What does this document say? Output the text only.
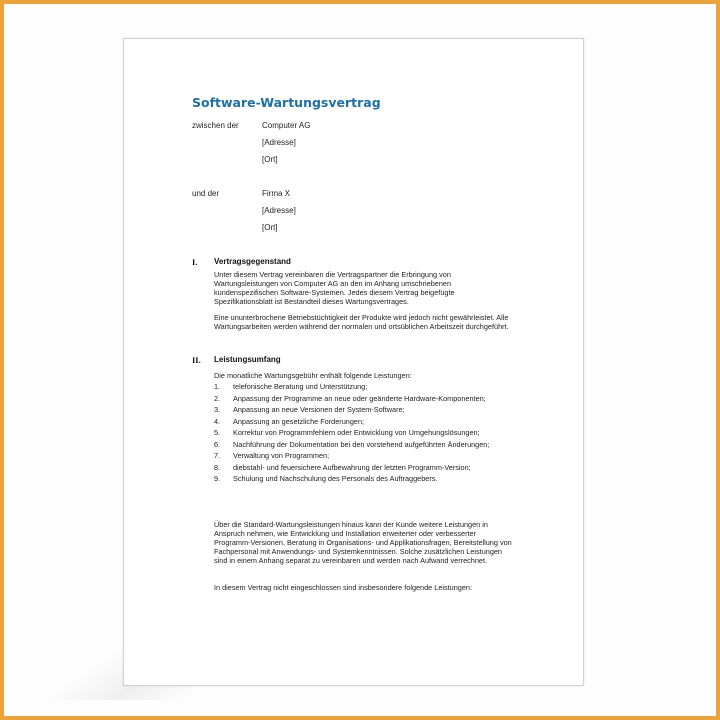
Software-Wartungsvertrag
zwischen der	Computer AG
[Adresse]
[Ort]
und der	Firma X
[Adresse]
[Ort]
I. Vertragsgegenstand

Unter diesem Vertrag vereinbaren die Vertragspartner die Erbringung von Wartungsleistungen von Computer AG an den im Anhang umschriebenen kundenspezifischen Software-Systemen. Jedes diesem Vertrag beigefügte Spezifikationsblatt ist Bestandteil dieses Wartungsvertrages.

Eine ununterbrochene Betriebstüchtigkeit der Produkte wird jedoch nicht gewährleistet. Alle Wartungsarbeiten werden während der normalen und ortsüblichen Arbeitszeit durchgeführt.

II. Leistungsumfang

Die monatliche Wartungsgebühr enthält folgende Leistungen:

1. telefonische Beratung und Unterstützung;
2. Anpassung der Programme an neue oder geänderte Hardware-Komponenten;
3. Anpassung an neue Versionen der System-Software;
4. Anpassung an gesetzliche Forderungen;
5. Korrektur von Programmfehlern oder Entwicklung von Umgehungslösungen;
6. Nachführung der Dokumentation bei den vorstehend aufgeführten Änderungen;
7. Verwaltung von Programmen;
8. diebstahl- und feuersichere Aufbewahrung der letzten Programm-Version;
9. Schulung und Nachschulung des Personals des Auftraggebers.

Über die Standard-Wartungsleistungen hinaus kann der Kunde weitere Leistungen in Anspruch nehmen, wie Entwicklung und Installation erweiterter oder verbesserter Programm-Versionen, Beratung in Organisations- und Applikationsfragen, Bereitstellung von Fachpersonal mit Anwendungs- und Systemkenntnissen. Solche zusätzlichen Leistungen sind in einem Anhang separat zu vereinbaren und werden nach Aufwand verrechnet.

In diesem Vertrag nicht eingeschlossen sind insbesondere folgende Leistungen:
